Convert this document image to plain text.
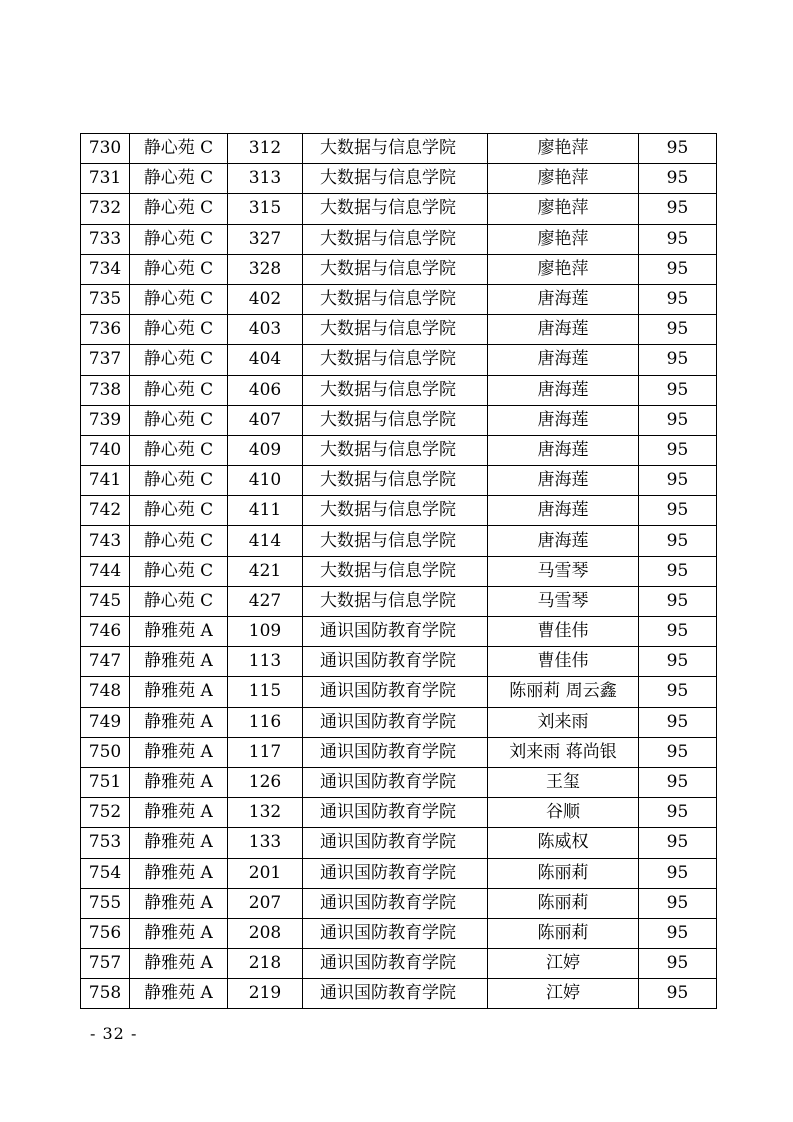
730	静心苑 C	312	大数据与信息学院	廖艳萍	95
731	静心苑 C	313	大数据与信息学院	廖艳萍	95
732	静心苑 C	315	大数据与信息学院	廖艳萍	95
733	静心苑 C	327	大数据与信息学院	廖艳萍	95
734	静心苑 C	328	大数据与信息学院	廖艳萍	95
735	静心苑 C	402	大数据与信息学院	唐海莲	95
736	静心苑 C	403	大数据与信息学院	唐海莲	95
737	静心苑 C	404	大数据与信息学院	唐海莲	95
738	静心苑 C	406	大数据与信息学院	唐海莲	95
739	静心苑 C	407	大数据与信息学院	唐海莲	95
740	静心苑 C	409	大数据与信息学院	唐海莲	95
741	静心苑 C	410	大数据与信息学院	唐海莲	95
742	静心苑 C	411	大数据与信息学院	唐海莲	95
743	静心苑 C	414	大数据与信息学院	唐海莲	95
744	静心苑 C	421	大数据与信息学院	马雪琴	95
745	静心苑 C	427	大数据与信息学院	马雪琴	95
746	静雅苑 A	109	通识国防教育学院	曹佳伟	95
747	静雅苑 A	113	通识国防教育学院	曹佳伟	95
748	静雅苑 A	115	通识国防教育学院	陈丽莉 周云鑫	95
749	静雅苑 A	116	通识国防教育学院	刘来雨	95
750	静雅苑 A	117	通识国防教育学院	刘来雨 蒋尚银	95
751	静雅苑 A	126	通识国防教育学院	王玺	95
752	静雅苑 A	132	通识国防教育学院	谷顺	95
753	静雅苑 A	133	通识国防教育学院	陈威权	95
754	静雅苑 A	201	通识国防教育学院	陈丽莉	95
755	静雅苑 A	207	通识国防教育学院	陈丽莉	95
756	静雅苑 A	208	通识国防教育学院	陈丽莉	95
757	静雅苑 A	218	通识国防教育学院	江婷	95
758	静雅苑 A	219	通识国防教育学院	江婷	95
- 32 -
